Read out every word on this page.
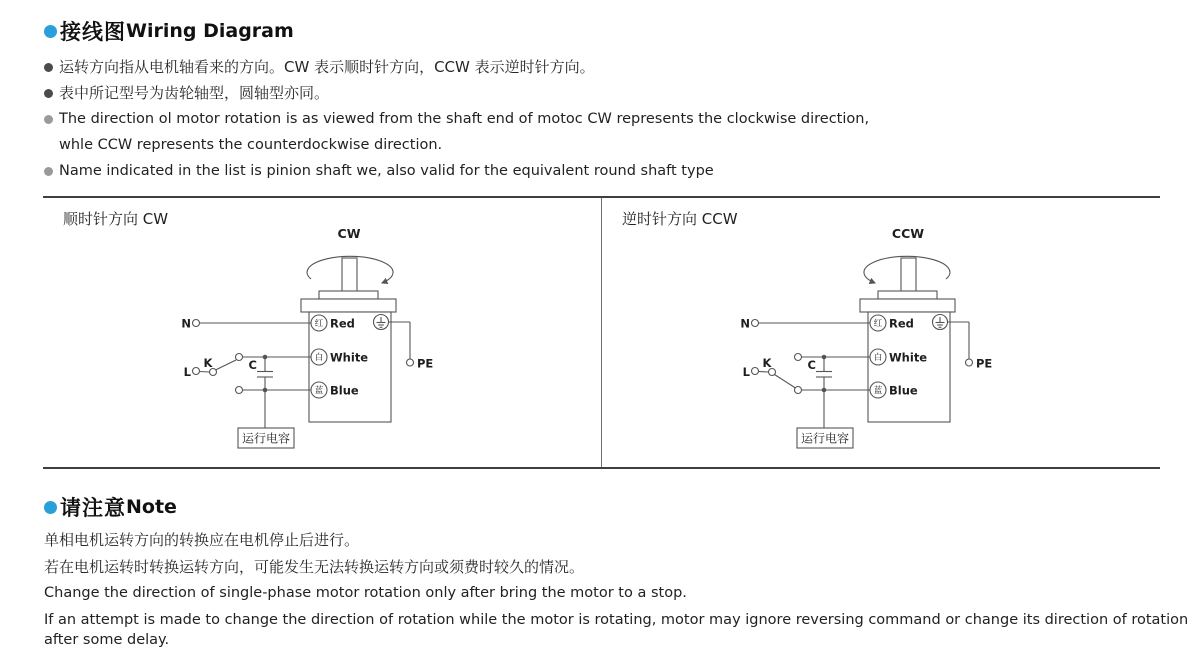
接线图 Wiring Diagram
运转方向指从电机轴看来的方向。CW 表示顺时针方向，CCW 表示逆时针方向。
表中所记型号为齿轮轴型，圆轴型亦同。
The direction ol motor rotation is as viewed from the shaft end of motoc CW represents the clockwise direction,
whle CCW represents the counterdockwise direction.
Name indicated in the list is pinion shaft we, also valid for the equivalent round shaft type
顺时针方向 CW
CW
N
L
K	C
红
白
蓝
Red
White
Blue
PE
运行电容
逆时针方向 CCW
CCW
N
L
K	C
红
白
蓝
Red
White
Blue
PE
运行电容
请注意 Note
单相电机运转方向的转换应在电机停止后进行。
若在电机运转时转换运转方向，可能发生无法转换运转方向或须费时较久的情况。
Change the direction of single-phase motor rotation only after bring the motor to a stop.
If an attempt is made to change the direction of rotation while the motor is rotating, motor may ignore reversing command or change its direction of rotation after some delay.
